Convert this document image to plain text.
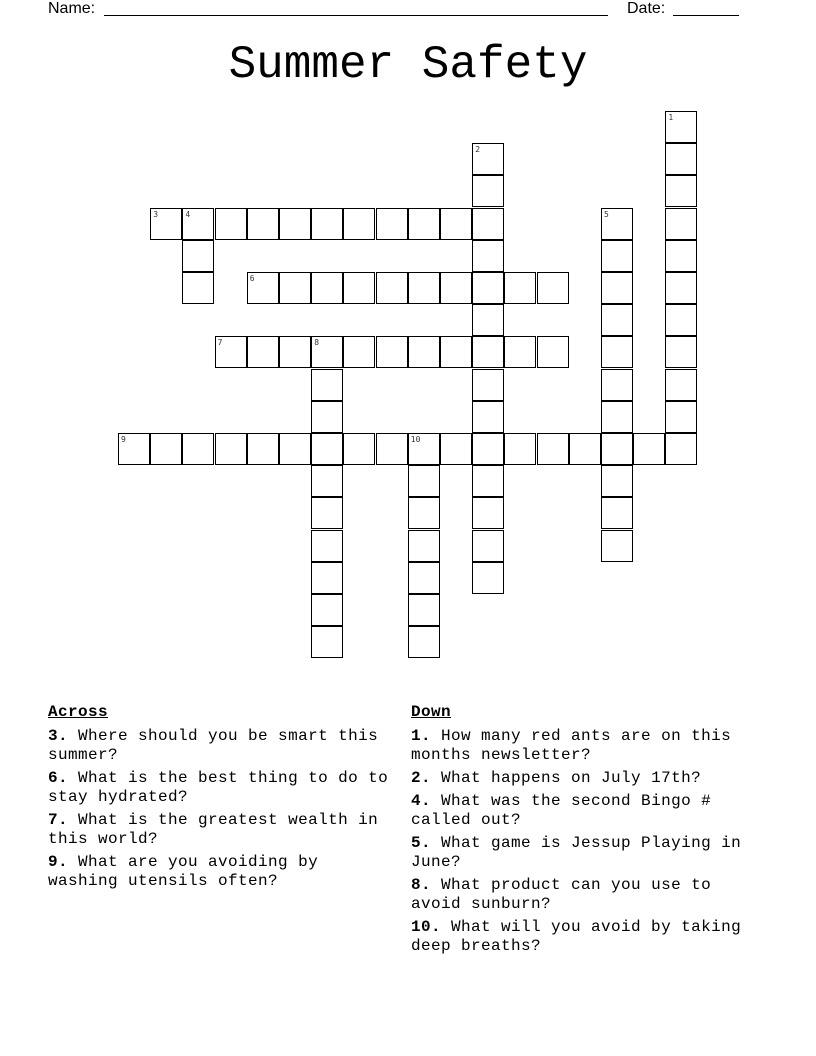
Name:	Date:
Summer Safety
1
2
3	4	5
6
7	8
9	10
Across
3. Where should you be smart this summer?
6. What is the best thing to do to stay hydrated?
7. What is the greatest wealth in this world?
9. What are you avoiding by washing utensils often?
Down
1. How many red ants are on this months newsletter?
2. What happens on July 17th?
4. What was the second Bingo # called out?
5. What game is Jessup Playing in June?
8. What product can you use to avoid sunburn?
10. What will you avoid by taking deep breaths?
